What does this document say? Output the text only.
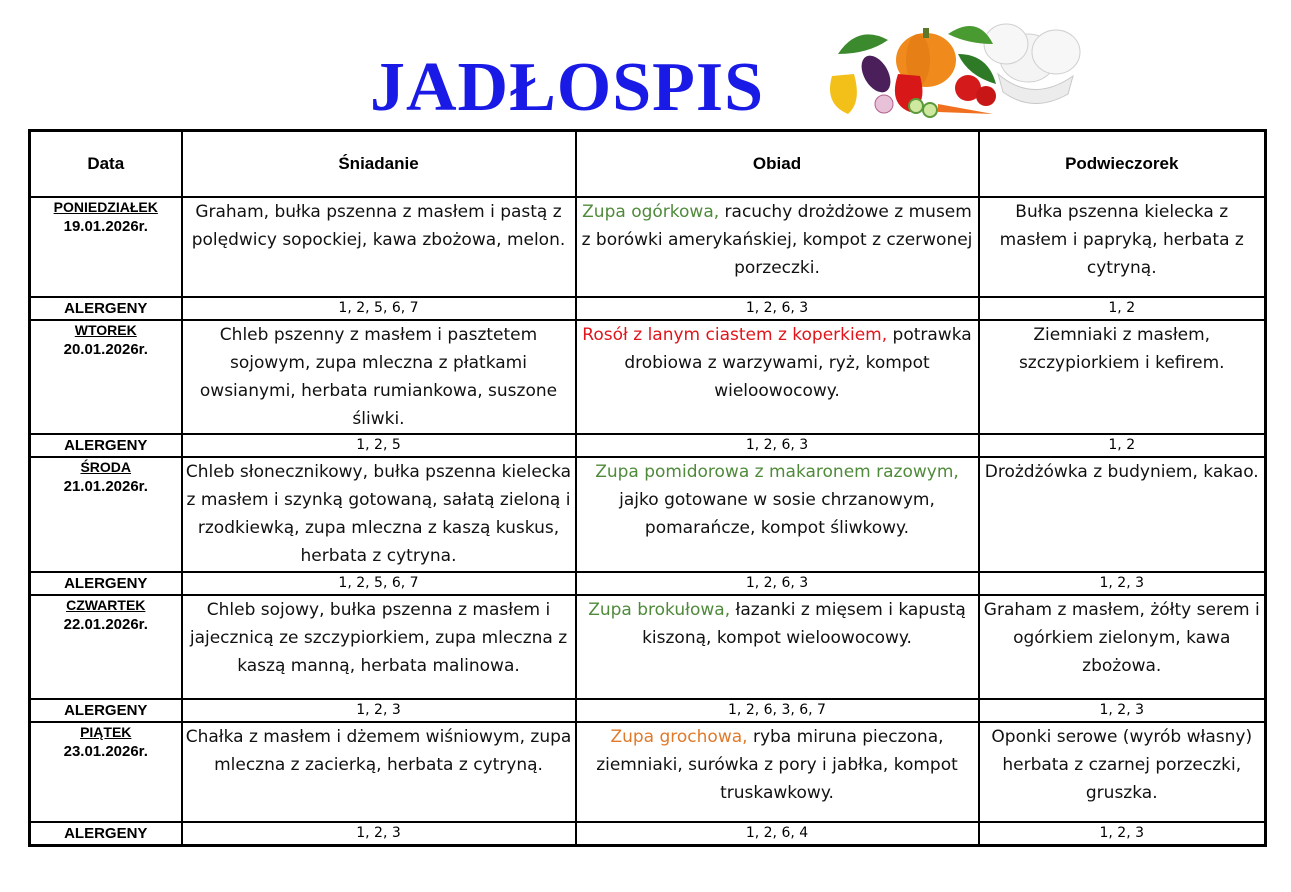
JADŁOSPIS
Data	Śniadanie	Obiad	Podwieczorek

PONIEDZIAŁEK
19.01.2026r.	Graham, bułka pszenna z masłem i pastą z polędwicy sopockiej, kawa zbożowa, melon.	Zupa ogórkowa, racuchy drożdżowe z musem z borówki amerykańskiej, kompot z czerwonej porzeczki.	Bułka pszenna kielecka z masłem i papryką, herbata z cytryną.
ALERGENY	1, 2, 5, 6, 7	1, 2, 6, 3	1, 2

WTOREK
20.01.2026r.	Chleb pszenny z masłem i pasztetem sojowym, zupa mleczna z płatkami owsianymi, herbata rumiankowa, suszone śliwki.	Rosół z lanym ciastem z koperkiem, potrawka drobiowa z warzywami, ryż, kompot wieloowocowy.	Ziemniaki z masłem, szczypiorkiem i kefirem.
ALERGENY	1, 2, 5	1, 2, 6, 3	1, 2

ŚRODA
21.01.2026r.	Chleb słonecznikowy, bułka pszenna kielecka z masłem i szynką gotowaną, sałatą zieloną i rzodkiewką, zupa mleczna z kaszą kuskus, herbata z cytryna.	Zupa pomidorowa z makaronem razowym, jajko gotowane w sosie chrzanowym, pomarańcze, kompot śliwkowy.	Drożdżówka z budyniem, kakao.
ALERGENY	1, 2, 5, 6, 7	1, 2, 6, 3	1, 2, 3

CZWARTEK
22.01.2026r.	Chleb sojowy, bułka pszenna z masłem i jajecznicą ze szczypiorkiem, zupa mleczna z kaszą manną, herbata malinowa.	Zupa brokułowa, łazanki z mięsem i kapustą kiszoną, kompot wieloowocowy.	Graham z masłem, żółty serem i ogórkiem zielonym, kawa zbożowa.
ALERGENY	1, 2, 3	1, 2, 6, 3, 6, 7	1, 2, 3

PIĄTEK
23.01.2026r.	Chałka z masłem i dżemem wiśniowym, zupa mleczna z zacierką, herbata z cytryną.	Zupa grochowa, ryba miruna pieczona, ziemniaki, surówka z pory i jabłka, kompot truskawkowy.	Oponki serowe (wyrób własny) herbata z czarnej porzeczki, gruszka.
ALERGENY	1, 2, 3	1, 2, 6, 4	1, 2, 3
